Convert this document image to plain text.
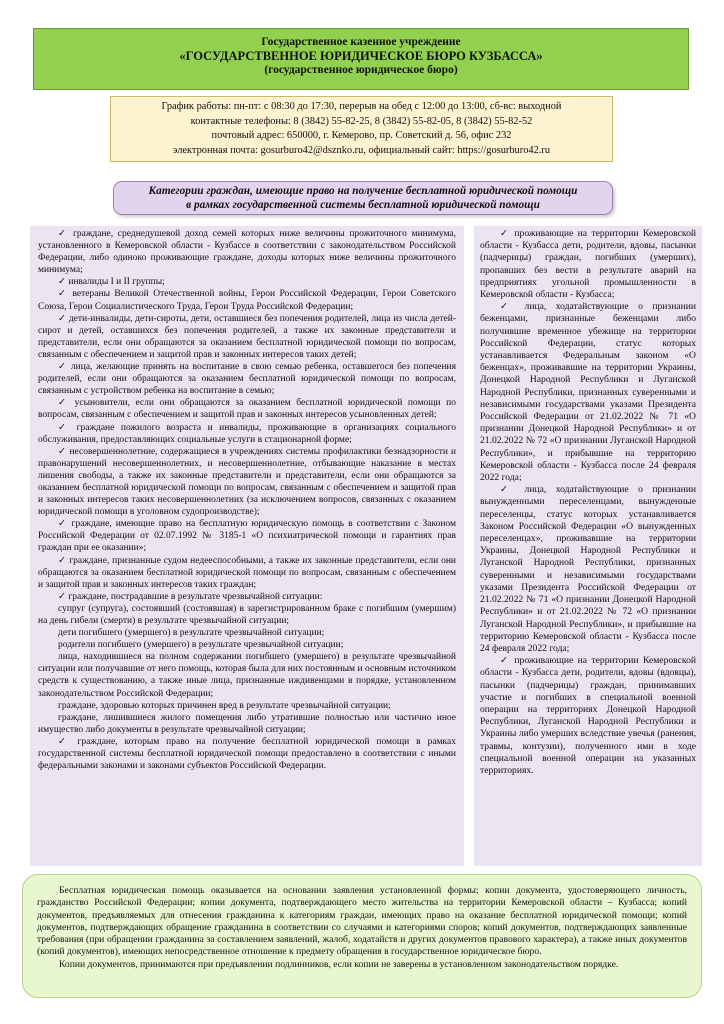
Государственное казенное учреждение
«ГОСУДАРСТВЕННОЕ ЮРИДИЧЕСКОЕ БЮРО КУЗБАССА»
(государственное юридическое бюро)
График работы: пн-пт: с 08:30 до 17:30, перерыв на обед с 12:00 до 13:00, сб-вс: выходной
контактные телефоны: 8 (3842) 55-82-25, 8 (3842) 55-82-05, 8 (3842) 55-82-52
почтовый адрес: 650000, г. Кемерово, пр. Советский д. 56, офис 232
электронная почта: gosurburo42@dsznko.ru, официальный сайт: https://gosurburo42.ru
Категории граждан, имеющие право на получение бесплатной юридической помощи
в рамках государственной системы бесплатной юридической помощи

✓ граждане, среднедушевой доход семей которых ниже величины прожиточного минимума, установленного в Кемеровской области - Кузбассе в соответствии с законодательством Российской Федерации, либо одиноко проживающие граждане, доходы которых ниже величины прожиточного минимума;

✓ инвалиды I и II группы;

✓ ветераны Великой Отечественной войны, Герои Российской Федерации, Герои Советского Союза, Герои Социалистического Труда, Герои Труда Российской Федерации;

✓ дети-инвалиды, дети-сироты, дети, оставшиеся без попечения родителей, лица из числа детей-сирот и детей, оставшихся без попечения родителей, а также их законные представители и представители, если они обращаются за оказанием бесплатной юридической помощи по вопросам, связанным с обеспечением и защитой прав и законных интересов таких детей;

✓ лица, желающие принять на воспитание в свою семью ребенка, оставшегося без попечения родителей, если они обращаются за оказанием бесплатной юридической помощи по вопросам, связанным с устройством ребенка на воспитание в семью;

✓ усыновители, если они обращаются за оказанием бесплатной юридической помощи по вопросам, связанным с обеспечением и защитой прав и законных интересов усыновленных детей;

✓ граждане пожилого возраста и инвалиды, проживающие в организациях социального обслуживания, предоставляющих социальные услуги в стационарной форме;

✓ несовершеннолетние, содержащиеся в учреждениях системы профилактики безнадзорности и правонарушений несовершеннолетних, и несовершеннолетние, отбывающие наказание в местах лишения свободы, а также их законные представители и представители, если они обращаются за оказанием бесплатной юридической помощи по вопросам, связанным с обеспечением и защитой прав и законных интересов таких несовершеннолетних (за исключением вопросов, связанных с оказанием юридической помощи в уголовном судопроизводстве);

✓ граждане, имеющие право на бесплатную юридическую помощь в соответствии с Законом Российской Федерации от 02.07.1992 № 3185-1 «О психиатрической помощи и гарантиях прав граждан при ее оказании»;

✓ граждане, признанные судом недееспособными, а также их законные представители, если они обращаются за оказанием бесплатной юридической помощи по вопросам, связанным с обеспечением и защитой прав и законных интересов таких граждан;

✓ граждане, пострадавшие в результате чрезвычайной ситуации:

супруг (супруга), состоявший (состоявшая) в зарегистрированном браке с погибшим (умершим) на день гибели (смерти) в результате чрезвычайной ситуации;

дети погибшего (умершего) в результате чрезвычайной ситуации;

родители погибшего (умершего) в результате чрезвычайной ситуации;

лица, находившиеся на полном содержании погибшего (умершего) в результате чрезвычайной ситуации или получавшие от него помощь, которая была для них постоянным и основным источником средств к существованию, а также иные лица, признанные иждивенцами в порядке, установленном законодательством Российской Федерации;

граждане, здоровью которых причинен вред в результате чрезвычайной ситуации;

граждане, лишившиеся жилого помещения либо утратившие полностью или частично иное имущество либо документы в результате чрезвычайной ситуации;

✓ граждане, которым право на получение бесплатной юридической помощи в рамках государственной системы бесплатной юридической помощи предоставлено в соответствии с иными федеральными законами и законами субъектов Российской Федерации.

✓ проживающие на территории Кемеровской области - Кузбасса дети, родители, вдовы, пасынки (падчерицы) граждан, погибших (умерших), пропавших без вести в результате аварий на предприятиях угольной промышленности в Кемеровской области - Кузбасса;

✓ лица, ходатайствующие о признании беженцами, признанные беженцами либо получившие временное убежище на территории Российской Федерации, статус которых устанавливается Федеральным законом «О беженцах», проживавшие на территории Украины, Донецкой Народной Республики и Луганской Народной Республики, признанных суверенными и независимыми государствами указами Президента Российской Федерации от 21.02.2022 № 71 «О признании Донецкой Народной Республики» и от 21.02.2022 № 72 «О признании Луганской Народной Республики», и прибывшие на территорию Кемеровской области - Кузбасса после 24 февраля 2022 года;

✓ лица, ходатайствующие о признании вынужденными переселенцами, вынужденные переселенцы, статус которых устанавливается Законом Российской Федерации «О вынужденных переселенцах», проживавшие на территории Украины, Донецкой Народной Республики и Луганской Народной Республики, признанных суверенными и независимыми государствами указами Президента Российской Федерации от 21.02.2022 № 71 «О признании Донецкой Народной Республики» и от 21.02.2022 № 72 «О признании Луганской Народной Республики», и прибывшие на территорию Кемеровской области - Кузбасса после 24 февраля 2022 года;

✓ проживающие на территории Кемеровской области - Кузбасса дети, родители, вдовы (вдовцы), пасынки (падчерицы) граждан, принимавших участие и погибших в специальной военной операции на территориях Донецкой Народной Республики, Луганской Народной Республики и Украины либо умерших вследствие увечья (ранения, травмы, контузии), полученного ими в ходе специальной военной операции на указанных территориях.

Бесплатная юридическая помощь оказывается на основании заявления установленной формы; копии документа, удостоверяющего личность, гражданство Российской Федерации; копии документа, подтверждающего место жительства на территории Кемеровской области – Кузбасса; копий документов, предъявляемых для отнесения гражданина к категориям граждан, имеющих право на оказание бесплатной юридической помощи; копий документов, подтверждающих обращение гражданина в соответствии со случаями и категориями споров; копий документов, подтверждающих заявленные требования (при обращении гражданина за составлением заявлений, жалоб, ходатайств и других документов правового характера), а также иных документов (копий документов), имеющих непосредственное отношение к предмету обращения в государственное юридическое бюро.

Копии документов, принимаются при предъявлении подлинников, если копии не заверены в установленном законодательством порядке.
